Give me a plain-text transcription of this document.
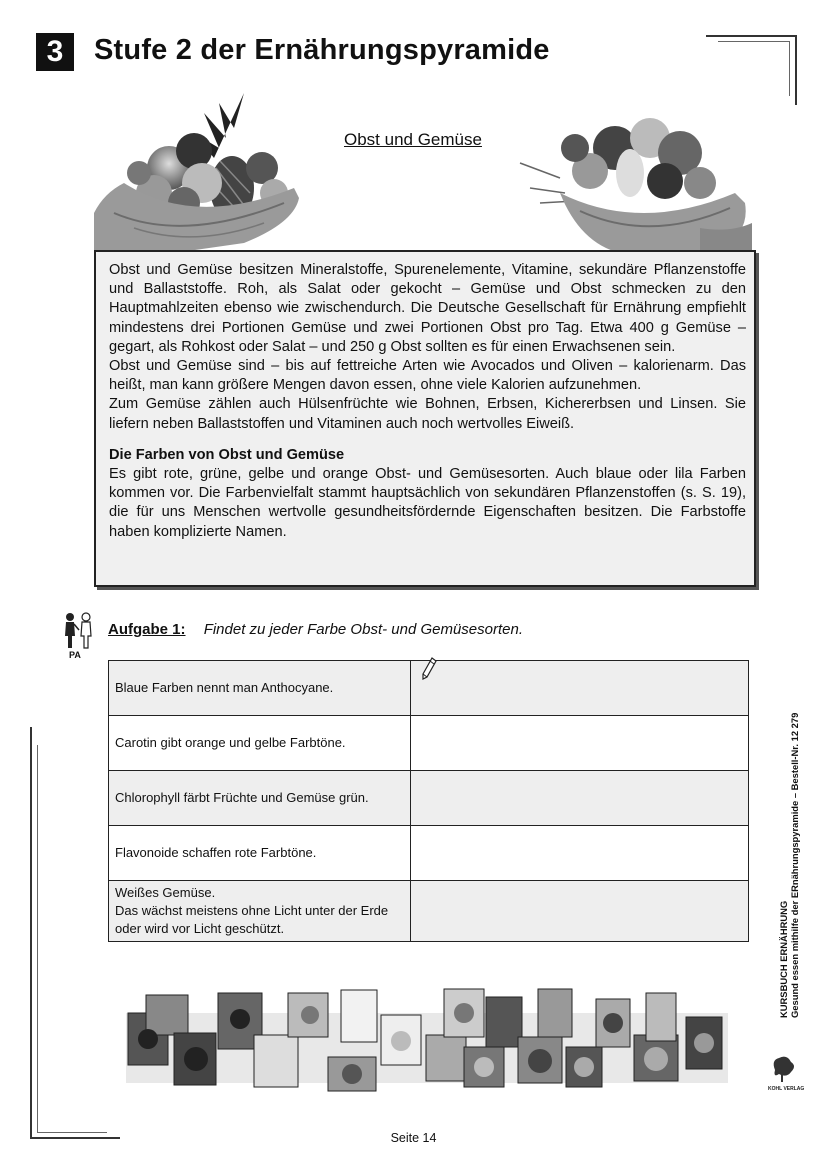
3	Stufe 2 der Ernährungspyramide
Obst und Gemüse

Obst und Gemüse besitzen Mineralstoffe, Spurenelemente, Vitamine, sekundäre Pflanzenstoffe und Ballaststoffe. Roh, als Salat oder gekocht – Gemüse und Obst schmecken zu den Hauptmahlzeiten ebenso wie zwischendurch. Die Deutsche Gesellschaft für Ernährung empfiehlt mindestens drei Portionen Gemüse und zwei Portionen Obst pro Tag. Etwa 400 g Gemüse – gegart, als Rohkost oder Salat – und 250 g Obst sollten es für einen Erwachsenen sein.

Obst und Gemüse sind – bis auf fettreiche Arten wie Avocados und Oliven – kalorienarm. Das heißt, man kann größere Mengen davon essen, ohne viele Kalorien aufzunehmen.

Zum Gemüse zählen auch Hülsenfrüchte wie Bohnen, Erbsen, Kichererbsen und Linsen. Sie liefern neben Ballaststoffen und Vitaminen auch noch wertvolles Eiweiß.

Die Farben von Obst und Gemüse

Es gibt rote, grüne, gelbe und orange Obst- und Gemüsesorten. Auch blaue oder lila Farben kommen vor. Die Farbenvielfalt stammt hauptsächlich von sekundären Pflanzenstoffen (s. S. 19), die für uns Menschen wertvolle gesundheitsfördernde Eigenschaften besitzen. Die Farbstoffe haben komplizierte Namen.

PA
Aufgabe 1: Findet zu jeder Farbe Obst- und Gemüsesorten.
Blaue Farben nennt man Anthocyane.	
Carotin gibt orange und gelbe Farbtöne.	
Chlorophyll färbt Früchte und Gemüse grün.	
Flavonoide schaffen rote Farbtöne.	
Weißes Gemüse.
Das wächst meistens ohne Licht unter der Erde oder wird vor Licht geschützt.		KURSBUCH ERNÄHRUNG Gesund essen mithilfe der ERnährungspyramide – Bestell-Nr. 12 279
KOHL VERLAG
Seite 14
